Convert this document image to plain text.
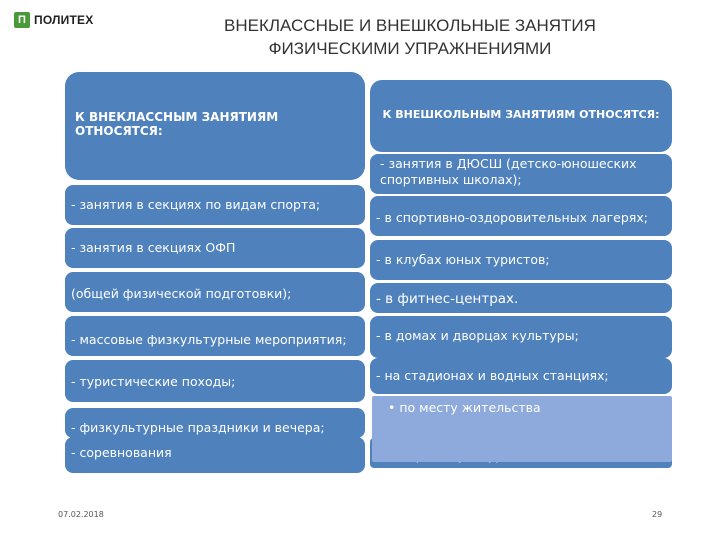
П ПОЛИТЕХ	ВНЕКЛАССНЫЕ И ВНЕШКОЛЬНЫЕ ЗАНЯТИЯ
ФИЗИЧЕСКИМИ УПРАЖНЕНИЯМИ
К ВНЕКЛАССНЫМ ЗАНЯТИЯМ ОТНОСЯТСЯ:
- занятия в секциях по видам спорта;
- занятия в секциях ОФП
(общей физической подготовки);
- массовые физкультурные мероприятия;
- туристические походы;
- физкультурные праздники и вечера;
- соревнования
К ВНЕШКОЛЬНЫМ ЗАНЯТИЯМ ОТНОСЯТСЯ:
- занятия в ДЮСШ (детско-юношеских спортивных школах);
- в спортивно-оздоровительных лагерях;
- в клубах юных туристов;
- в фитнес-центрах.
- в домах и дворцах культуры;
- на стадионах и водных станциях;
• по месту жительства
07.02.2018	29
